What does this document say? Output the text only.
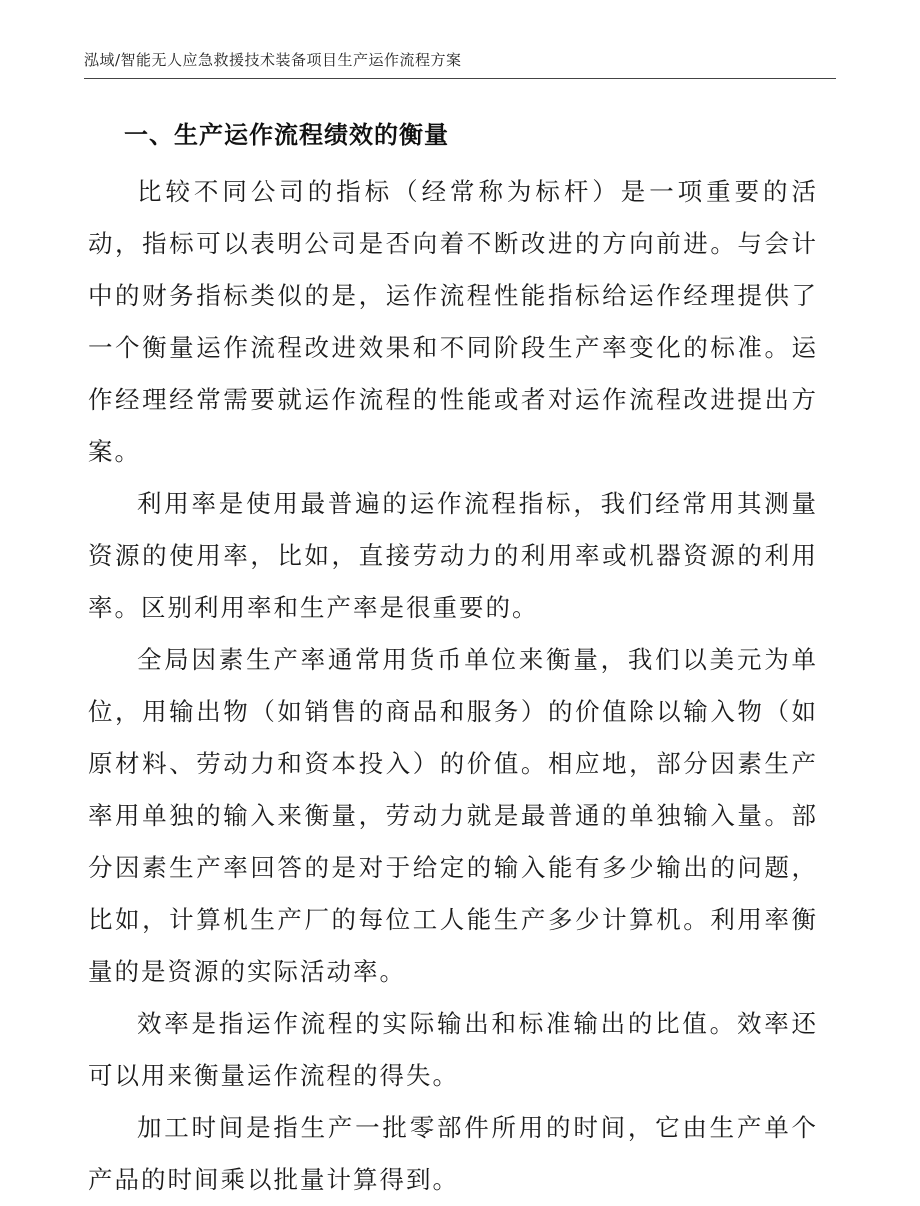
泓域/智能无人应急救援技术装备项目生产运作流程方案
一、生产运作流程绩效的衡量

比较不同公司的指标（经常称为标杆）是一项重要的活动，指标可以表明公司是否向着不断改进的方向前进。与会计中的财务指标类似的是，运作流程性能指标给运作经理提供了一个衡量运作流程改进效果和不同阶段生产率变化的标准。运作经理经常需要就运作流程的性能或者对运作流程改进提出方案。

利用率是使用最普遍的运作流程指标，我们经常用其测量资源的使用率，比如，直接劳动力的利用率或机器资源的利用率。区别利用率和生产率是很重要的。

全局因素生产率通常用货币单位来衡量，我们以美元为单位，用输出物（如销售的商品和服务）的价值除以输入物（如原材料、劳动力和资本投入）的价值。相应地，部分因素生产率用单独的输入来衡量，劳动力就是最普通的单独输入量。部分因素生产率回答的是对于给定的输入能有多少输出的问题，比如，计算机生产厂的每位工人能生产多少计算机。利用率衡量的是资源的实际活动率。

效率是指运作流程的实际输出和标准输出的比值。效率还可以用来衡量运作流程的得失。

加工时间是指生产一批零部件所用的时间，它由生产单个产品的时间乘以批量计算得到。
